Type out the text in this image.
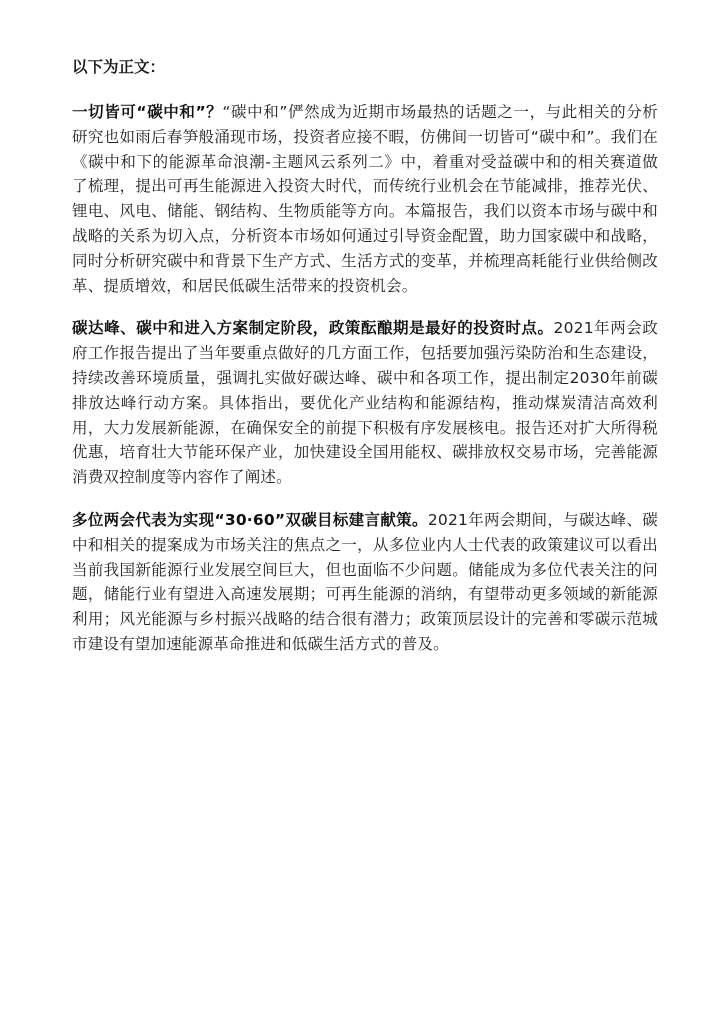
以下为正文：

一切皆可“碳中和”？“碳中和”俨然成为近期市场最热的话题之一，与此相关的分析研究也如雨后春笋般涌现市场，投资者应接不暇，仿佛间一切皆可“碳中和”。我们在《碳中和下的能源革命浪潮-主题风云系列二》中，着重对受益碳中和的相关赛道做了梳理，提出可再生能源进入投资大时代，而传统行业机会在节能减排，推荐光伏、锂电、风电、储能、钢结构、生物质能等方向。本篇报告，我们以资本市场与碳中和战略的关系为切入点，分析资本市场如何通过引导资金配置，助力国家碳中和战略，同时分析研究碳中和背景下生产方式、生活方式的变革，并梳理高耗能行业供给侧改革、提质增效，和居民低碳生活带来的投资机会。

碳达峰、碳中和进入方案制定阶段，政策酝酿期是最好的投资时点。2021年两会政府工作报告提出了当年要重点做好的几方面工作，包括要加强污染防治和生态建设，持续改善环境质量，强调扎实做好碳达峰、碳中和各项工作，提出制定2030年前碳排放达峰行动方案。具体指出，要优化产业结构和能源结构，推动煤炭清洁高效利用，大力发展新能源，在确保安全的前提下积极有序发展核电。报告还对扩大所得税优惠，培育壮大节能环保产业，加快建设全国用能权、碳排放权交易市场，完善能源消费双控制度等内容作了阐述。

多位两会代表为实现“30·60”双碳目标建言献策。2021年两会期间，与碳达峰、碳中和相关的提案成为市场关注的焦点之一，从多位业内人士代表的政策建议可以看出当前我国新能源行业发展空间巨大，但也面临不少问题。储能成为多位代表关注的问题，储能行业有望进入高速发展期；可再生能源的消纳，有望带动更多领域的新能源利用；风光能源与乡村振兴战略的结合很有潜力；政策顶层设计的完善和零碳示范城市建设有望加速能源革命推进和低碳生活方式的普及。
